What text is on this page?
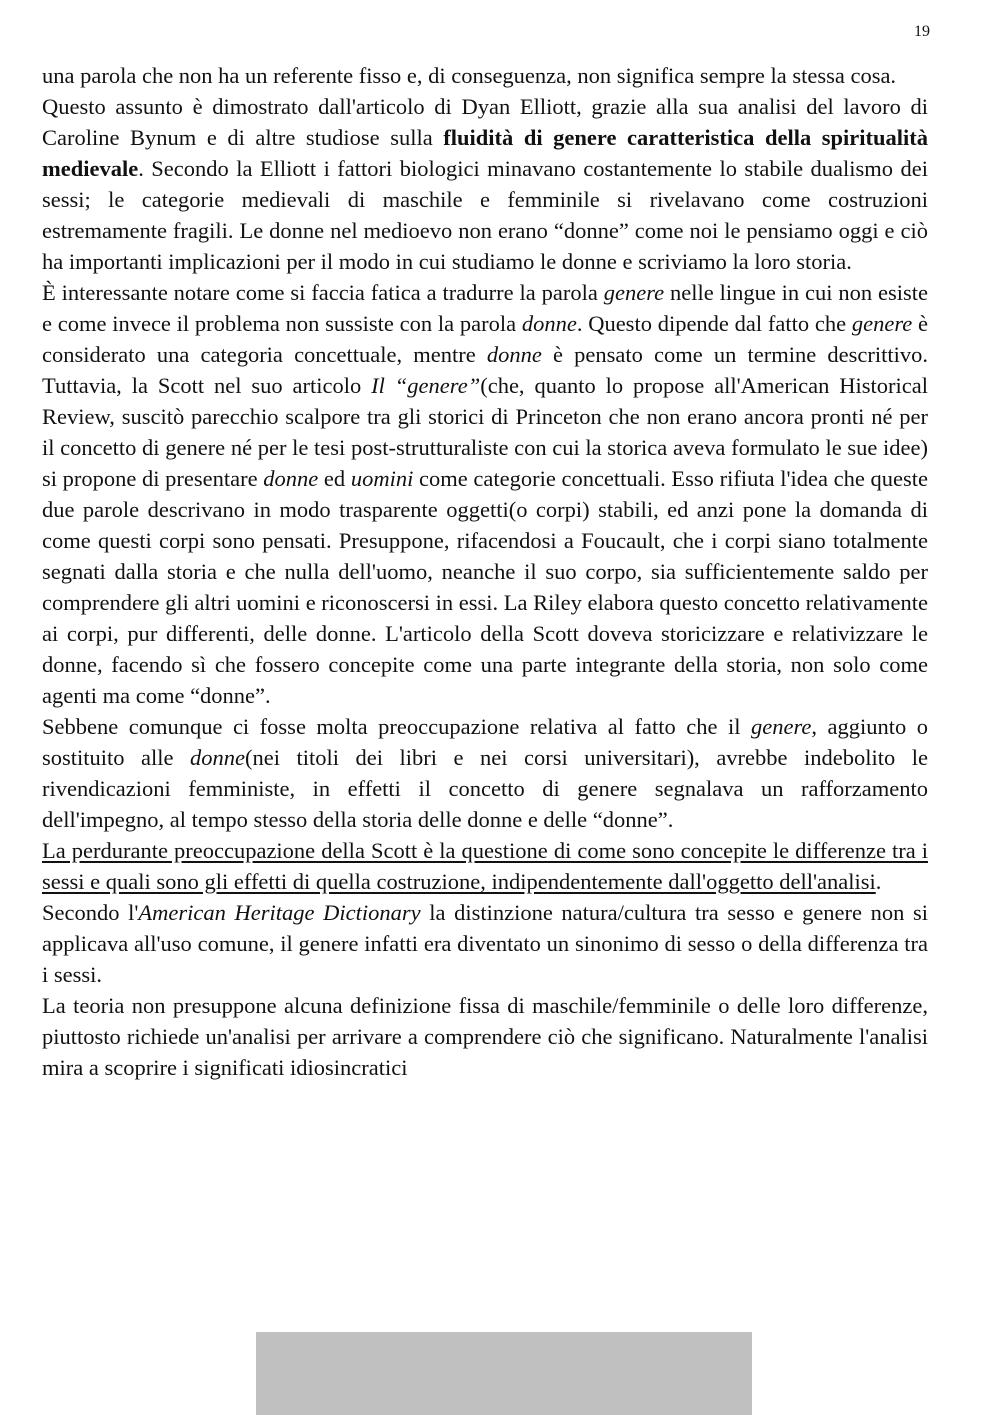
19

una parola che non ha un referente fisso e, di conseguenza, non significa sempre la stessa cosa.

Questo assunto è dimostrato dall'articolo di Dyan Elliott, grazie alla sua analisi del lavoro di Caroline Bynum e di altre studiose sulla fluidità di genere caratteristica della spiritualità medievale. Secondo la Elliott i fattori biologici minavano costantemente lo stabile dualismo dei sessi; le categorie medievali di maschile e femminile si rivelavano come costruzioni estremamente fragili. Le donne nel medioevo non erano “donne” come noi le pensiamo oggi e ciò ha importanti implicazioni per il modo in cui studiamo le donne e scriviamo la loro storia.

È interessante notare come si faccia fatica a tradurre la parola genere nelle lingue in cui non esiste e come invece il problema non sussiste con la parola donne. Questo dipende dal fatto che genere è considerato una categoria concettuale, mentre donne è pensato come un termine descrittivo. Tuttavia, la Scott nel suo articolo Il “genere”(che, quanto lo propose all'American Historical Review, suscitò parecchio scalpore tra gli storici di Princeton che non erano ancora pronti né per il concetto di genere né per le tesi post-strutturaliste con cui la storica aveva formulato le sue idee) si propone di presentare donne ed uomini come categorie concettuali. Esso rifiuta l'idea che queste due parole descrivano in modo trasparente oggetti(o corpi) stabili, ed anzi pone la domanda di come questi corpi sono pensati. Presuppone, rifacendosi a Foucault, che i corpi siano totalmente segnati dalla storia e che nulla dell'uomo, neanche il suo corpo, sia sufficientemente saldo per comprendere gli altri uomini e riconoscersi in essi. La Riley elabora questo concetto relativamente ai corpi, pur differenti, delle donne. L'articolo della Scott doveva storicizzare e relativizzare le donne, facendo sì che fossero concepite come una parte integrante della storia, non solo come agenti ma come “donne”.

Sebbene comunque ci fosse molta preoccupazione relativa al fatto che il genere, aggiunto o sostituito alle donne(nei titoli dei libri e nei corsi universitari), avrebbe indebolito le rivendicazioni femministe, in effetti il concetto di genere segnalava un rafforzamento dell'impegno, al tempo stesso della storia delle donne e delle “donne”.

La perdurante preoccupazione della Scott è la questione di come sono concepite le differenze tra i sessi e quali sono gli effetti di quella costruzione, indipendentemente dall'oggetto dell'analisi.

Secondo l'American Heritage Dictionary la distinzione natura/cultura tra sesso e genere non si applicava all'uso comune, il genere infatti era diventato un sinonimo di sesso o della differenza tra i sessi.

La teoria non presuppone alcuna definizione fissa di maschile/femminile o delle loro differenze, piuttosto richiede un'analisi per arrivare a comprendere ciò che significano. Naturalmente l'analisi mira a scoprire i significati idiosincratici
